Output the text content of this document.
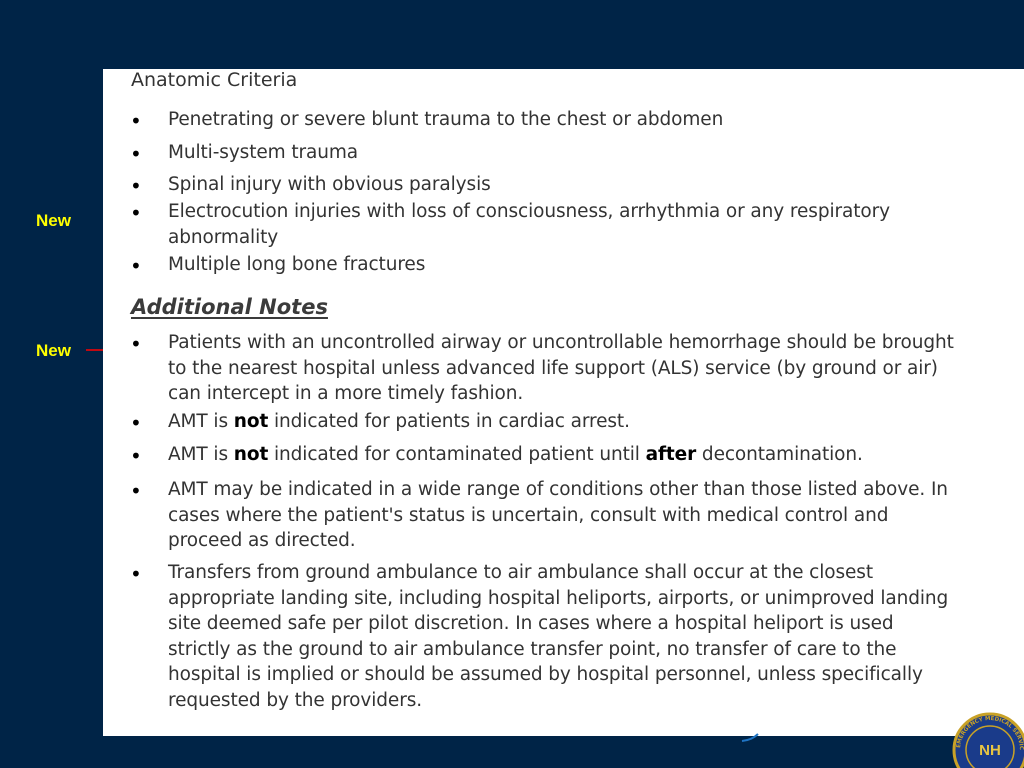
New
New
Anatomic Criteria
• Penetrating or severe blunt trauma to the chest or abdomen
• Multi-system trauma
• Spinal injury with obvious paralysis
• Electrocution injuries with loss of consciousness, arrhythmia or any respiratory
abnormality
• Multiple long bone fractures
Additional Notes
• Patients with an uncontrolled airway or uncontrollable hemorrhage should be brought
to the nearest hospital unless advanced life support (ALS) service (by ground or air)
can intercept in a more timely fashion.
• AMT is not indicated for patients in cardiac arrest.
• AMT is not indicated for contaminated patient until after decontamination.
• AMT may be indicated in a wide range of conditions other than those listed above. In
cases where the patient's status is uncertain, consult with medical control and
proceed as directed.
• Transfers from ground ambulance to air ambulance shall occur at the closest
appropriate landing site, including hospital heliports, airports, or unimproved landing
site deemed safe per pilot discretion. In cases where a hospital heliport is used
strictly as the ground to air ambulance transfer point, no transfer of care to the
hospital is implied or should be assumed by hospital personnel, unless specifically
requested by the providers.
EMERGENCY MEDICAL SERVIC
NH
